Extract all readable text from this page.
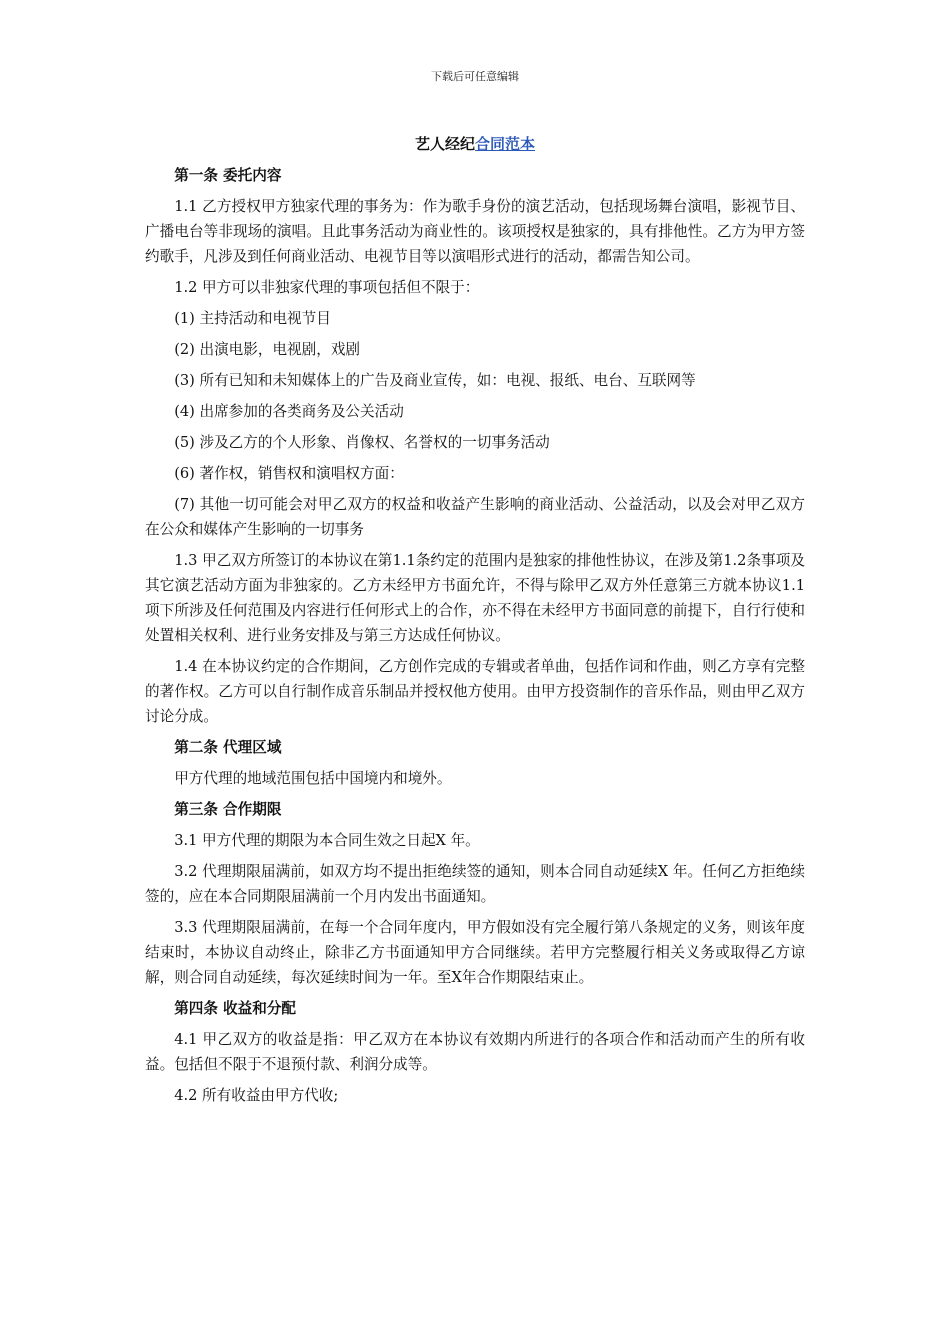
下载后可任意编辑
艺人经纪合同范本

第一条 委托内容

1.1 乙方授权甲方独家代理的事务为：作为歌手身份的演艺活动，包括现场舞台演唱，影视节目、广播电台等非现场的演唱。且此事务活动为商业性的。该项授权是独家的，具有排他性。乙方为甲方签约歌手，凡涉及到任何商业活动、电视节目等以演唱形式进行的活动，都需告知公司。

1.2 甲方可以非独家代理的事项包括但不限于：

(1) 主持活动和电视节目

(2) 出演电影，电视剧，戏剧

(3) 所有已知和未知媒体上的广告及商业宣传，如：电视、报纸、电台、互联网等

(4) 出席参加的各类商务及公关活动

(5) 涉及乙方的个人形象、肖像权、名誉权的一切事务活动

(6) 著作权，销售权和演唱权方面：

(7) 其他一切可能会对甲乙双方的权益和收益产生影响的商业活动、公益活动，以及会对甲乙双方在公众和媒体产生影响的一切事务

1.3 甲乙双方所签订的本协议在第1.1条约定的范围内是独家的排他性协议，在涉及第1.2条事项及其它演艺活动方面为非独家的。乙方未经甲方书面允许，不得与除甲乙双方外任意第三方就本协议1.1项下所涉及任何范围及内容进行任何形式上的合作，亦不得在未经甲方书面同意的前提下，自行行使和处置相关权利、进行业务安排及与第三方达成任何协议。

1.4 在本协议约定的合作期间，乙方创作完成的专辑或者单曲，包括作词和作曲，则乙方享有完整的著作权。乙方可以自行制作成音乐制品并授权他方使用。由甲方投资制作的音乐作品，则由甲乙双方讨论分成。

第二条 代理区域

甲方代理的地域范围包括中国境内和境外。

第三条 合作期限

3.1 甲方代理的期限为本合同生效之日起X 年。

3.2 代理期限届满前，如双方均不提出拒绝续签的通知，则本合同自动延续X 年。任何乙方拒绝续签的，应在本合同期限届满前一个月内发出书面通知。

3.3 代理期限届满前，在每一个合同年度内，甲方假如没有完全履行第八条规定的义务，则该年度结束时，本协议自动终止，除非乙方书面通知甲方合同继续。若甲方完整履行相关义务或取得乙方谅解，则合同自动延续，每次延续时间为一年。至X年合作期限结束止。

第四条 收益和分配

4.1 甲乙双方的收益是指：甲乙双方在本协议有效期内所进行的各项合作和活动而产生的所有收益。包括但不限于不退预付款、利润分成等。

4.2 所有收益由甲方代收;
